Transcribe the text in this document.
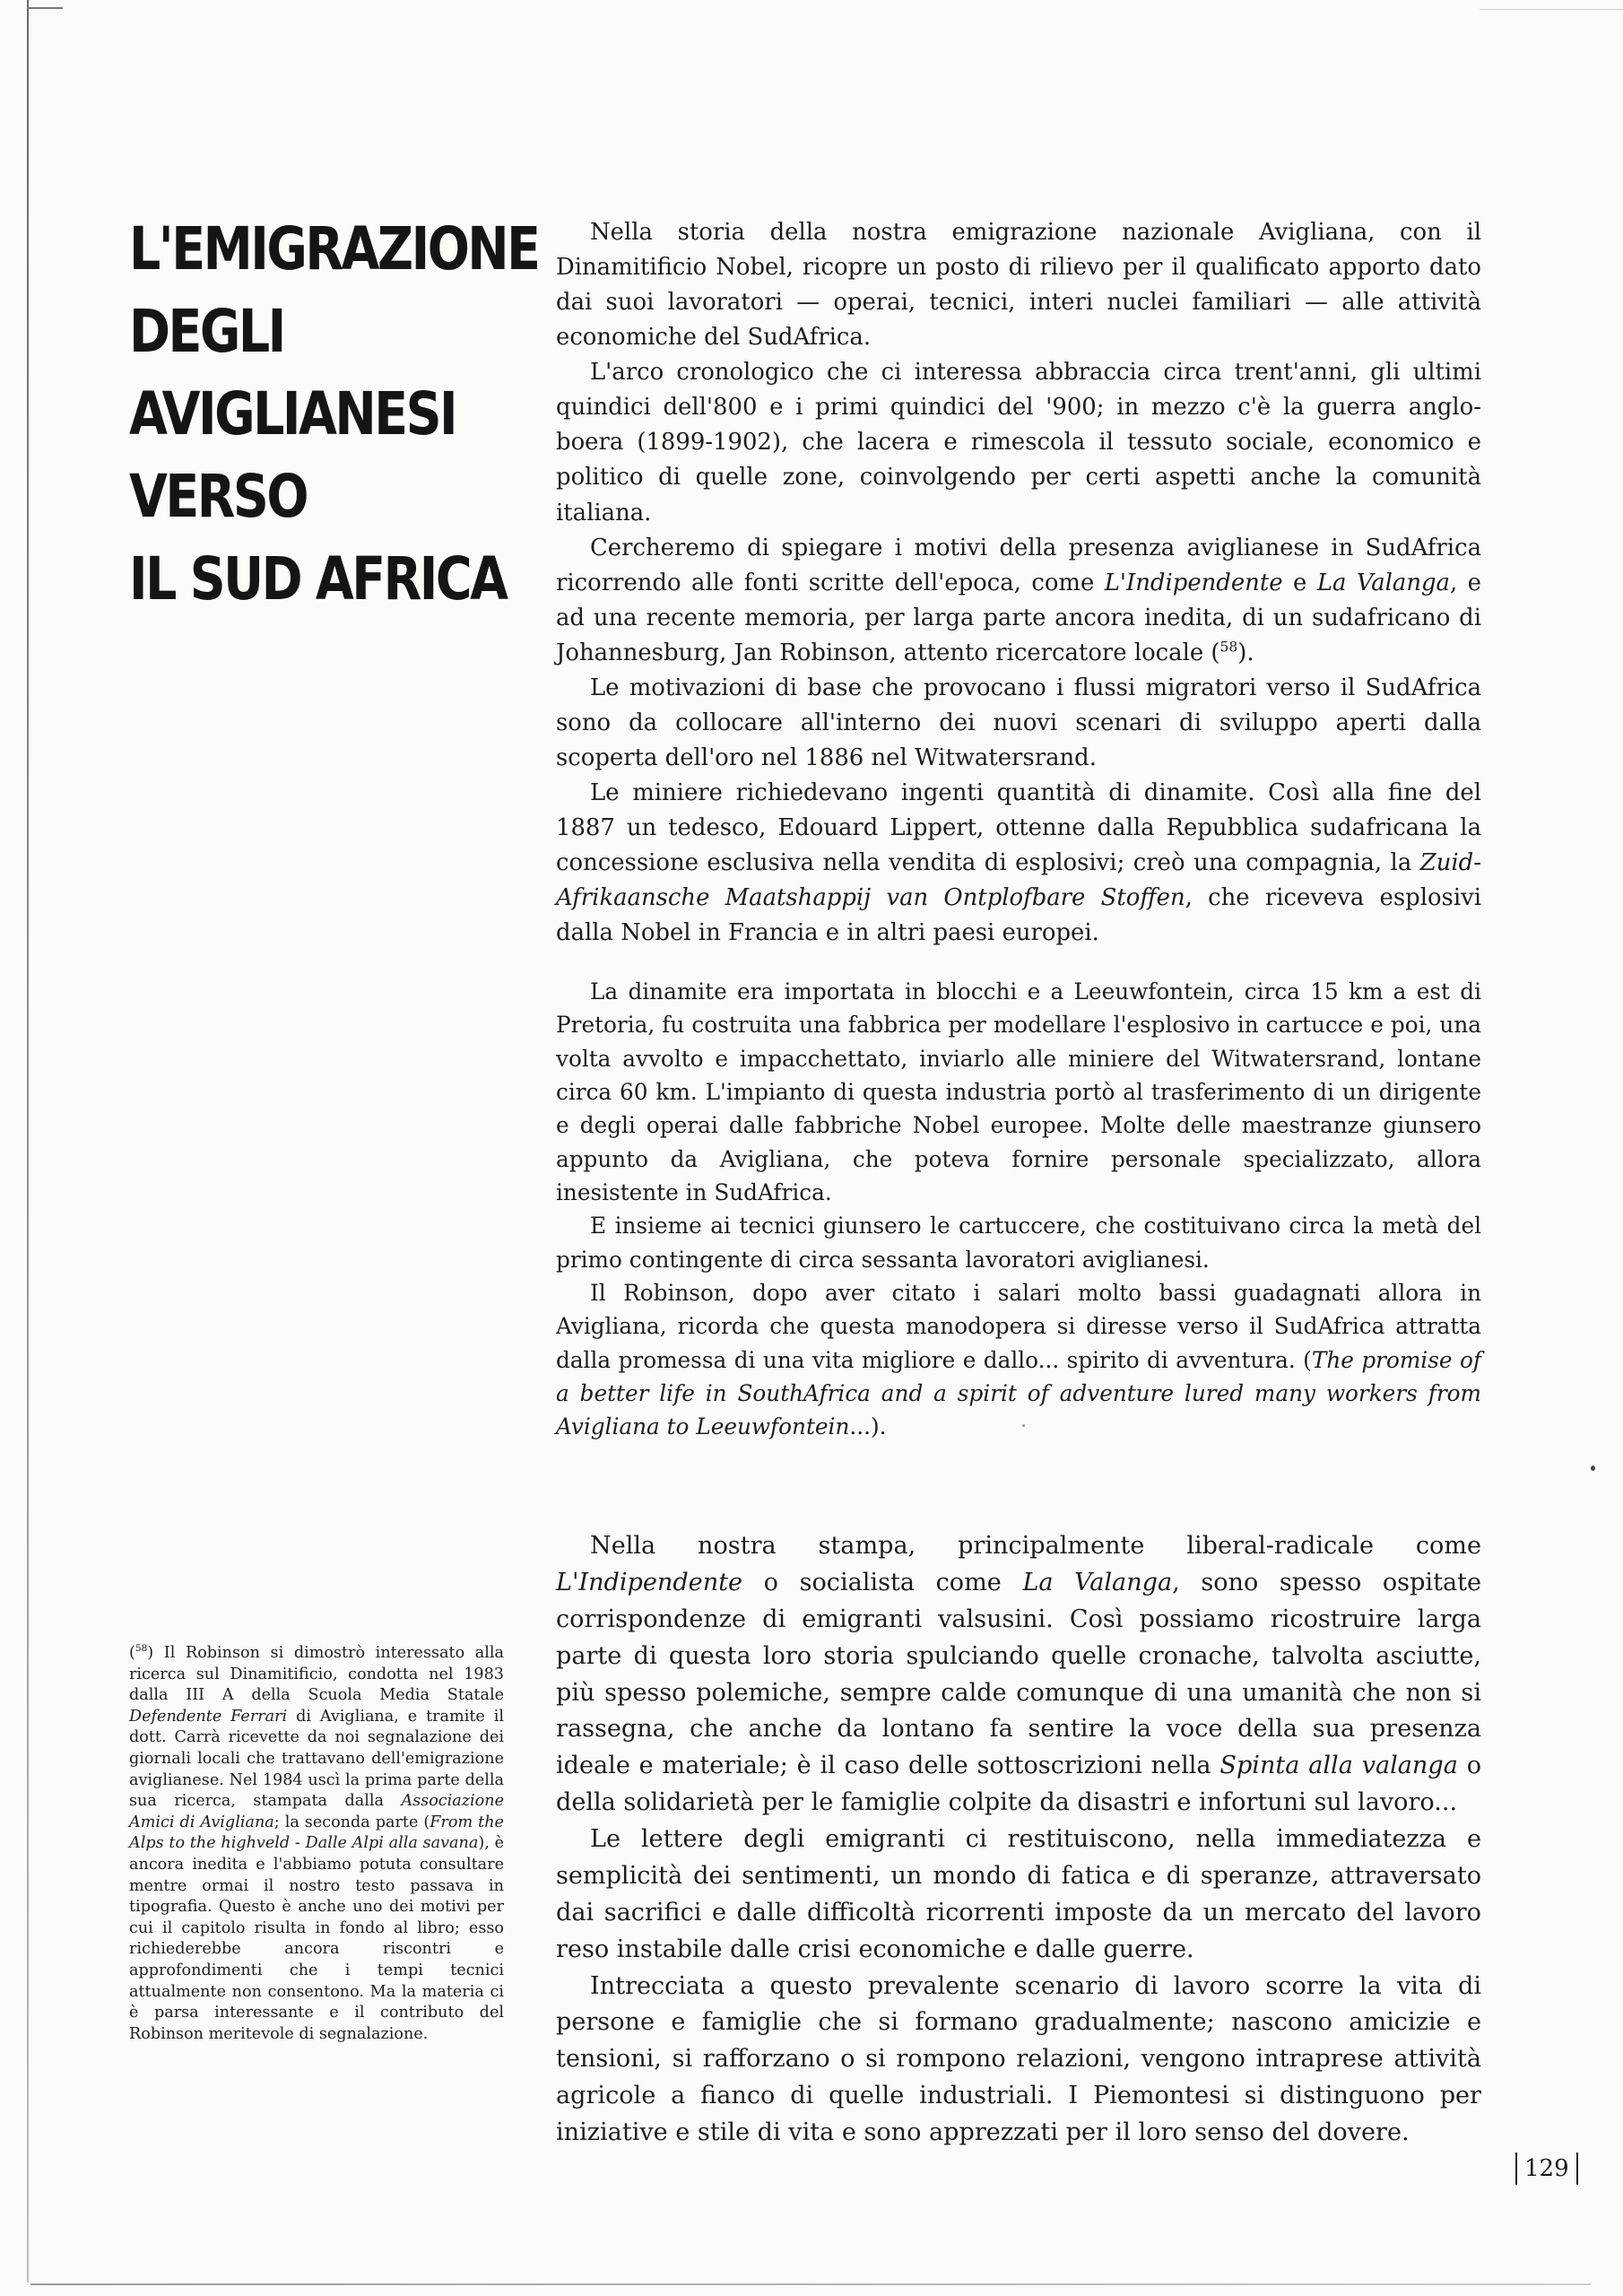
L'EMIGRAZIONE
DEGLI
AVIGLIANESI
VERSO
IL SUD AFRICA

Nella storia della nostra emigrazione nazionale Avigliana, con il Dinamitificio Nobel, ricopre un posto di rilievo per il qualificato apporto dato dai suoi lavoratori — operai, tecnici, interi nuclei familiari — alle attività economiche del SudAfrica.

L'arco cronologico che ci interessa abbraccia circa trent'anni, gli ultimi quindici dell'800 e i primi quindici del '900; in mezzo c'è la guerra anglo-boera (1899-1902), che lacera e rimescola il tessuto sociale, economico e politico di quelle zone, coinvolgendo per certi aspetti anche la comunità italiana.

Cercheremo di spiegare i motivi della presenza aviglianese in SudAfrica ricorrendo alle fonti scritte dell'epoca, come L'Indipendente e La Valanga, e ad una recente memoria, per larga parte ancora inedita, di un sudafricano di Johannesburg, Jan Robinson, attento ricercatore locale ($^{58}$).

Le motivazioni di base che provocano i flussi migratori verso il SudAfrica sono da collocare all'interno dei nuovi scenari di sviluppo aperti dalla scoperta dell'oro nel 1886 nel Witwatersrand.

Le miniere richiedevano ingenti quantità di dinamite. Così alla fine del 1887 un tedesco, Edouard Lippert, ottenne dalla Repubblica sudafricana la concessione esclusiva nella vendita di esplosivi; creò una compagnia, la Zuid-Afrikaansche Maatshappij van Ontplofbare Stoffen, che riceveva esplosivi dalla Nobel in Francia e in altri paesi europei.

La dinamite era importata in blocchi e a Leeuwfontein, circa 15 km a est di Pretoria, fu costruita una fabbrica per modellare l'esplosivo in cartucce e poi, una volta avvolto e impacchettato, inviarlo alle miniere del Witwatersrand, lontane circa 60 km. L'impianto di questa industria portò al trasferimento di un dirigente e degli operai dalle fabbriche Nobel europee. Molte delle maestranze giunsero appunto da Avigliana, che poteva fornire personale specializzato, allora inesistente in SudAfrica.

E insieme ai tecnici giunsero le cartuccere, che costituivano circa la metà del primo contingente di circa sessanta lavoratori aviglianesi.

Il Robinson, dopo aver citato i salari molto bassi guadagnati allora in Avigliana, ricorda che questa manodopera si diresse verso il SudAfrica attratta dalla promessa di una vita migliore e dallo... spirito di avventura. (The promise of a better life in SouthAfrica and a spirit of adventure lured many workers from Avigliana to Leeuwfontein...).

Nella nostra stampa, principalmente liberal-radicale come L'Indipendente o socialista come La Valanga, sono spesso ospitate corrispondenze di emigranti valsusini. Così possiamo ricostruire larga parte di questa loro storia spulciando quelle cronache, talvolta asciutte, più spesso polemiche, sempre calde comunque di una umanità che non si rassegna, che anche da lontano fa sentire la voce della sua presenza ideale e materiale; è il caso delle sottoscrizioni nella Spinta alla valanga o della solidarietà per le famiglie colpite da disastri e infortuni sul lavoro...

Le lettere degli emigranti ci restituiscono, nella immediatezza e semplicità dei sentimenti, un mondo di fatica e di speranze, attraversato dai sacrifici e dalle difficoltà ricorrenti imposte da un mercato del lavoro reso instabile dalle crisi economiche e dalle guerre.

Intrecciata a questo prevalente scenario di lavoro scorre la vita di persone e famiglie che si formano gradualmente; nascono amicizie e tensioni, si rafforzano o si rompono relazioni, vengono intraprese attività agricole a fianco di quelle industriali. I Piemontesi si distinguono per iniziative e stile di vita e sono apprezzati per il loro senso del dovere.

($^{58}$) Il Robinson si dimostrò interessato alla ricerca sul Dinamitificio, condotta nel 1983 dalla III A della Scuola Media Statale Defendente Ferrari di Avigliana, e tramite il dott. Carrà ricevette da noi segnalazione dei giornali locali che trattavano dell'emigrazione aviglianese. Nel 1984 uscì la prima parte della sua ricerca, stampata dalla Associazione Amici di Avigliana; la seconda parte (From the Alps to the highveld - Dalle Alpi alla savana), è ancora inedita e l'abbiamo potuta consultare mentre ormai il nostro testo passava in tipografia. Questo è anche uno dei motivi per cui il capitolo risulta in fondo al libro; esso richiederebbe ancora riscontri e approfondimenti che i tempi tecnici attualmente non consentono. Ma la materia ci è parsa interessante e il contributo del Robinson meritevole di segnalazione.

129
